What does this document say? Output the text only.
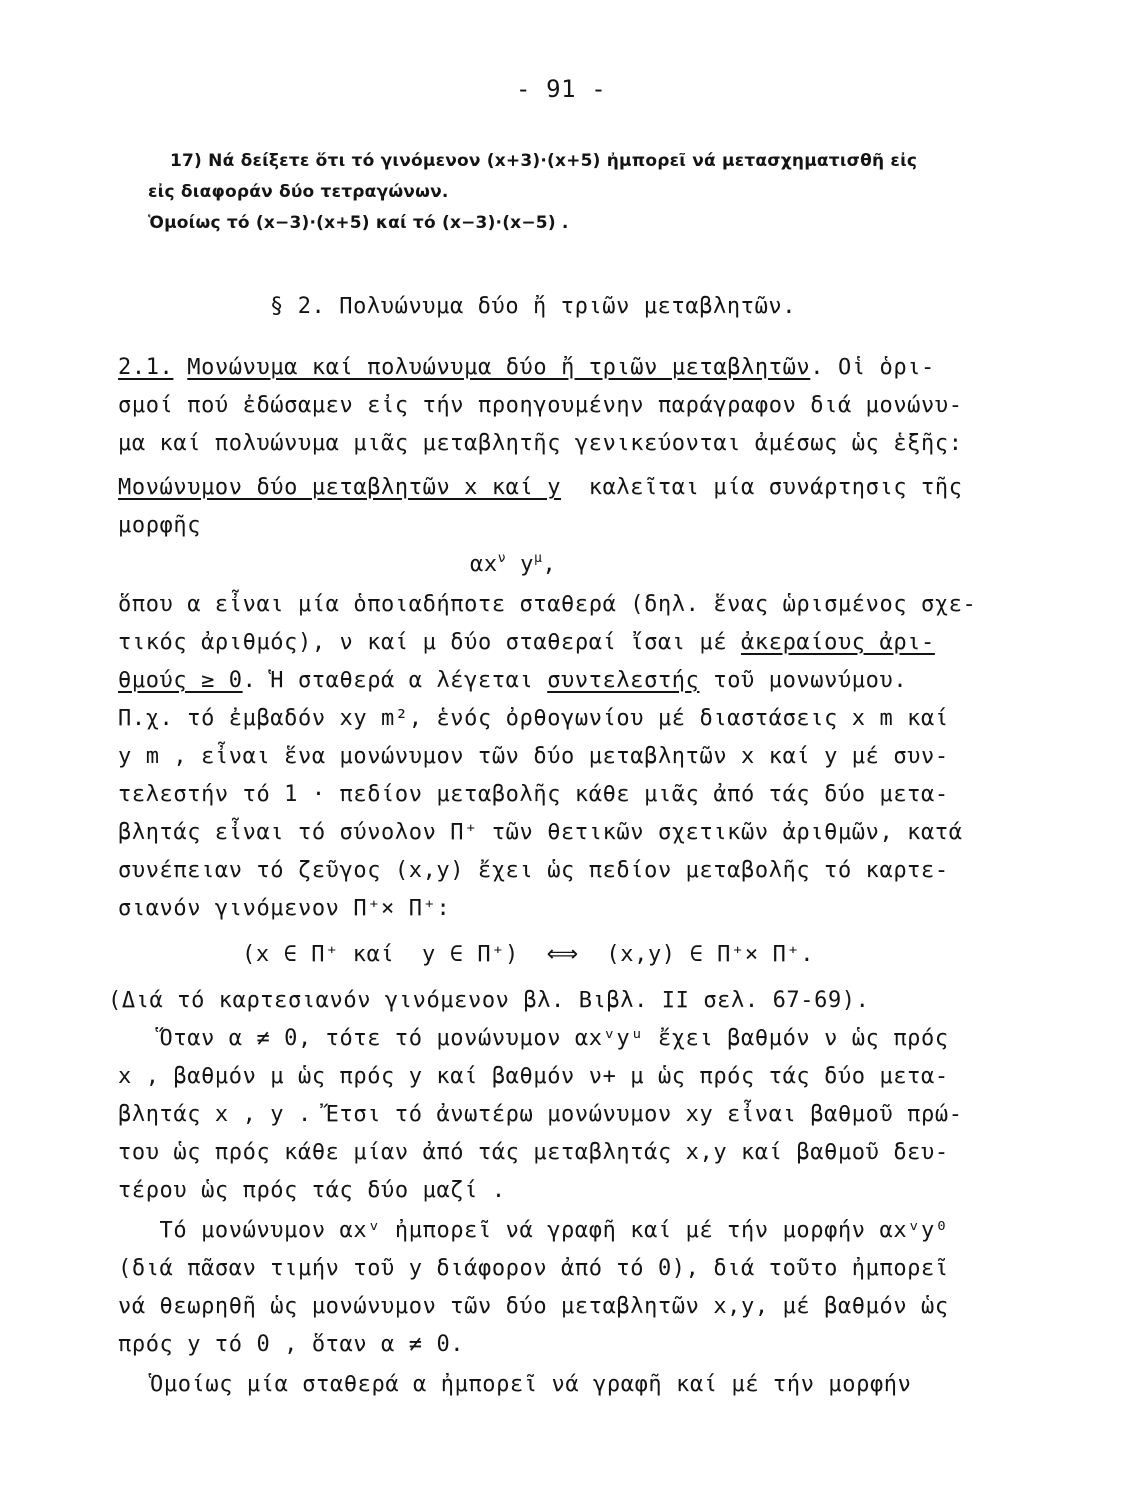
- 91 -
17) Νά δείξετε ὅτι τό γινόμενον (x+3)·(x+5) ἠμπορεῖ νά μετασχηματισθῆ εἰς
εἰς διαφοράν δύο τετραγώνων.
Ὁμοίως τό (x−3)·(x+5) καί τό (x−3)·(x−5) .
§ 2. Πολυώνυμα δύο ἤ τριῶν μεταβλητῶν.
2.1. Μονώνυμα καί πολυώνυμα δύο ἤ τριῶν μεταβλητῶν. Οἱ ὁρι-
σμοί πού ἐδώσαμεν εἰς τήν προηγουμένην παράγραφον διά μονώνυ-
μα καί πολυώνυμα μιᾶς μεταβλητῆς γενικεύονται ἀμέσως ὡς ἑξῆς:
Μονώνυμον δύο μεταβλητῶν x καί y  καλεῖται μία συνάρτησις τῆς
μορφῆς
$\alpha x^\nu$ $y^\mu$,
ὅπου α εἶναι μία ὁποιαδήποτε σταθερά (δηλ. ἕνας ὡρισμένος σχε-
τικός ἀριθμός), ν καί μ δύο σταθεραί ἴσαι μέ ἀκεραίους ἀρι-
θμούς ≥ 0. Ἡ σταθερά α λέγεται συντελεστής τοῦ μονωνύμου.
Π.χ. τό ἐμβαδόν xy m², ἑνός ὀρθογωνίου μέ διαστάσεις x m καί
y m , εἶναι ἕνα μονώνυμον τῶν δύο μεταβλητῶν x καί y μέ συν-
τελεστήν τό 1 · πεδίον μεταβολῆς κάθε μιᾶς ἀπό τάς δύο μετα-
βλητάς εἶναι τό σύνολον Π⁺ τῶν θετικῶν σχετικῶν ἀριθμῶν, κατά
συνέπειαν τό ζεῦγος (x,y) ἔχει ὡς πεδίον μεταβολῆς τό καρτε-
σιανόν γινόμενον Π⁺× Π⁺:
(x ∈ Π⁺ καί  y ∈ Π⁺)  ⟺  (x,y) ∈ Π⁺× Π⁺.
(Διά τό καρτεσιανόν γινόμενον βλ. Βιβλ. ΙΙ σελ. 67-69).
Ὅταν α ≠ 0, τότε τό μονώνυμον αxᵛyᵘ ἔχει βαθμόν ν ὡς πρός
x , βαθμόν μ ὡς πρός y καί βαθμόν ν+ μ ὡς πρός τάς δύο μετα-
βλητάς x , y . Ἔτσι τό ἀνωτέρω μονώνυμον xy εἶναι βαθμοῦ πρώ-
του ὡς πρός κάθε μίαν ἀπό τάς μεταβλητάς x,y καί βαθμοῦ δευ-
τέρου ὡς πρός τάς δύο μαζί .
Τό μονώνυμον αxᵛ ἠμπορεῖ νά γραφῆ καί μέ τήν μορφήν αxᵛy⁰
(διά πᾶσαν τιμήν τοῦ y διάφορον ἀπό τό 0), διά τοῦτο ἠμπορεῖ
νά θεωρηθῆ ὡς μονώνυμον τῶν δύο μεταβλητῶν x,y, μέ βαθμόν ὡς
πρός y τό 0 , ὅταν α ≠ 0.
Ὁμοίως μία σταθερά α ἠμπορεῖ νά γραφῆ καί μέ τήν μορφήν
